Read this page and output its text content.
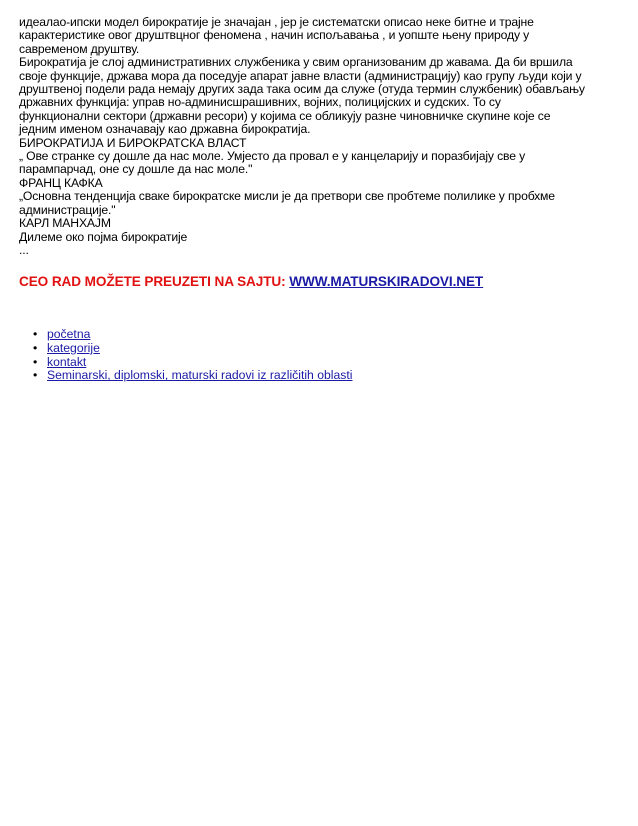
идеалао-ипски модел бирократије је значајан , јер је систематски описао неке битне и трајне
карактеристике овог друштвцног феномена , начин испољавања , и уопште њену природу у
савременом друштву.
Бирократија је слој административних службеника у свим организованим др жавама. Да би вршила
своје функције, држава мора да поседује апарат јавне власти (администрацију) као групу људи који у
друштвеној подели рада немају других зада така осим да служе (отуда термин службеник) обављању
државних функција: управ но-админисшрашивних, војних, полицијских и судских. То су
функционални сектори (државни ресори) у којима се обликују разне чиновничке скупине које се
једним именом означавају као државна бирократија.
БИРОКРАТИЈА И БИРОКРАТСКА ВЛАСТ
„ Ове странке су дошле да нас моле. Умјесто да провал е у канцеларију и поразбијају све у
парампарчад, оне су дошле да нас моле."
ФРАНЦ КАФКА
„Основна тенденција сваке бирократске мисли је да претвори све пробтеме полилике у пробхме
администрације."
КАРЛ МАНХАЈМ
Дилеме око појма бирократије
...
CEO RAD MOŽETE PREUZETI NA SAJTU: WWW.MATURSKIRADOVI.NET
• početna
• kategorije
• kontakt
• Seminarski, diplomski, maturski radovi iz različitih oblasti
